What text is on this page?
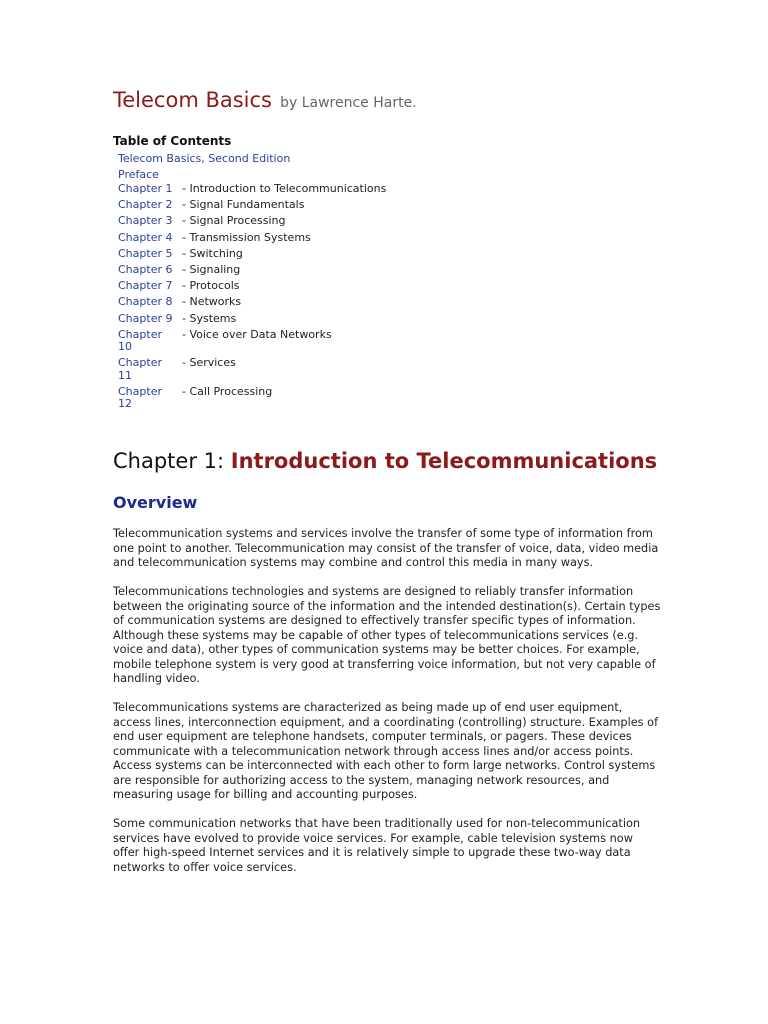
Telecom Basics by Lawrence Harte.
Table of Contents
Telecom Basics, Second Edition
Preface
Chapter 1 - Introduction to Telecommunications
Chapter 2 - Signal Fundamentals
Chapter 3 - Signal Processing
Chapter 4 - Transmission Systems
Chapter 5 - Switching
Chapter 6 - Signaling
Chapter 7 - Protocols
Chapter 8 - Networks
Chapter 9 - Systems
Chapter
10
- Voice over Data Networks
Chapter
11
- Services
Chapter
12
- Call Processing
Chapter 1: Introduction to Telecommunications
Overview

Telecommunication systems and services involve the transfer of some type of information from one point to another. Telecommunication may consist of the transfer of voice, data, video media and telecommunication systems may combine and control this media in many ways.

Telecommunications technologies and systems are designed to reliably transfer information between the originating source of the information and the intended destination(s). Certain types of communication systems are designed to effectively transfer specific types of information. Although these systems may be capable of other types of telecommunications services (e.g. voice and data), other types of communication systems may be better choices. For example, mobile telephone system is very good at transferring voice information, but not very capable of handling video.

Telecommunications systems are characterized as being made up of end user equipment, access lines, interconnection equipment, and a coordinating (controlling) structure. Examples of end user equipment are telephone handsets, computer terminals, or pagers. These devices communicate with a telecommunication network through access lines and/or access points. Access systems can be interconnected with each other to form large networks. Control systems are responsible for authorizing access to the system, managing network resources, and measuring usage for billing and accounting purposes.

Some communication networks that have been traditionally used for non-telecommunication services have evolved to provide voice services. For example, cable television systems now offer high-speed Internet services and it is relatively simple to upgrade these two-way data networks to offer voice services.
